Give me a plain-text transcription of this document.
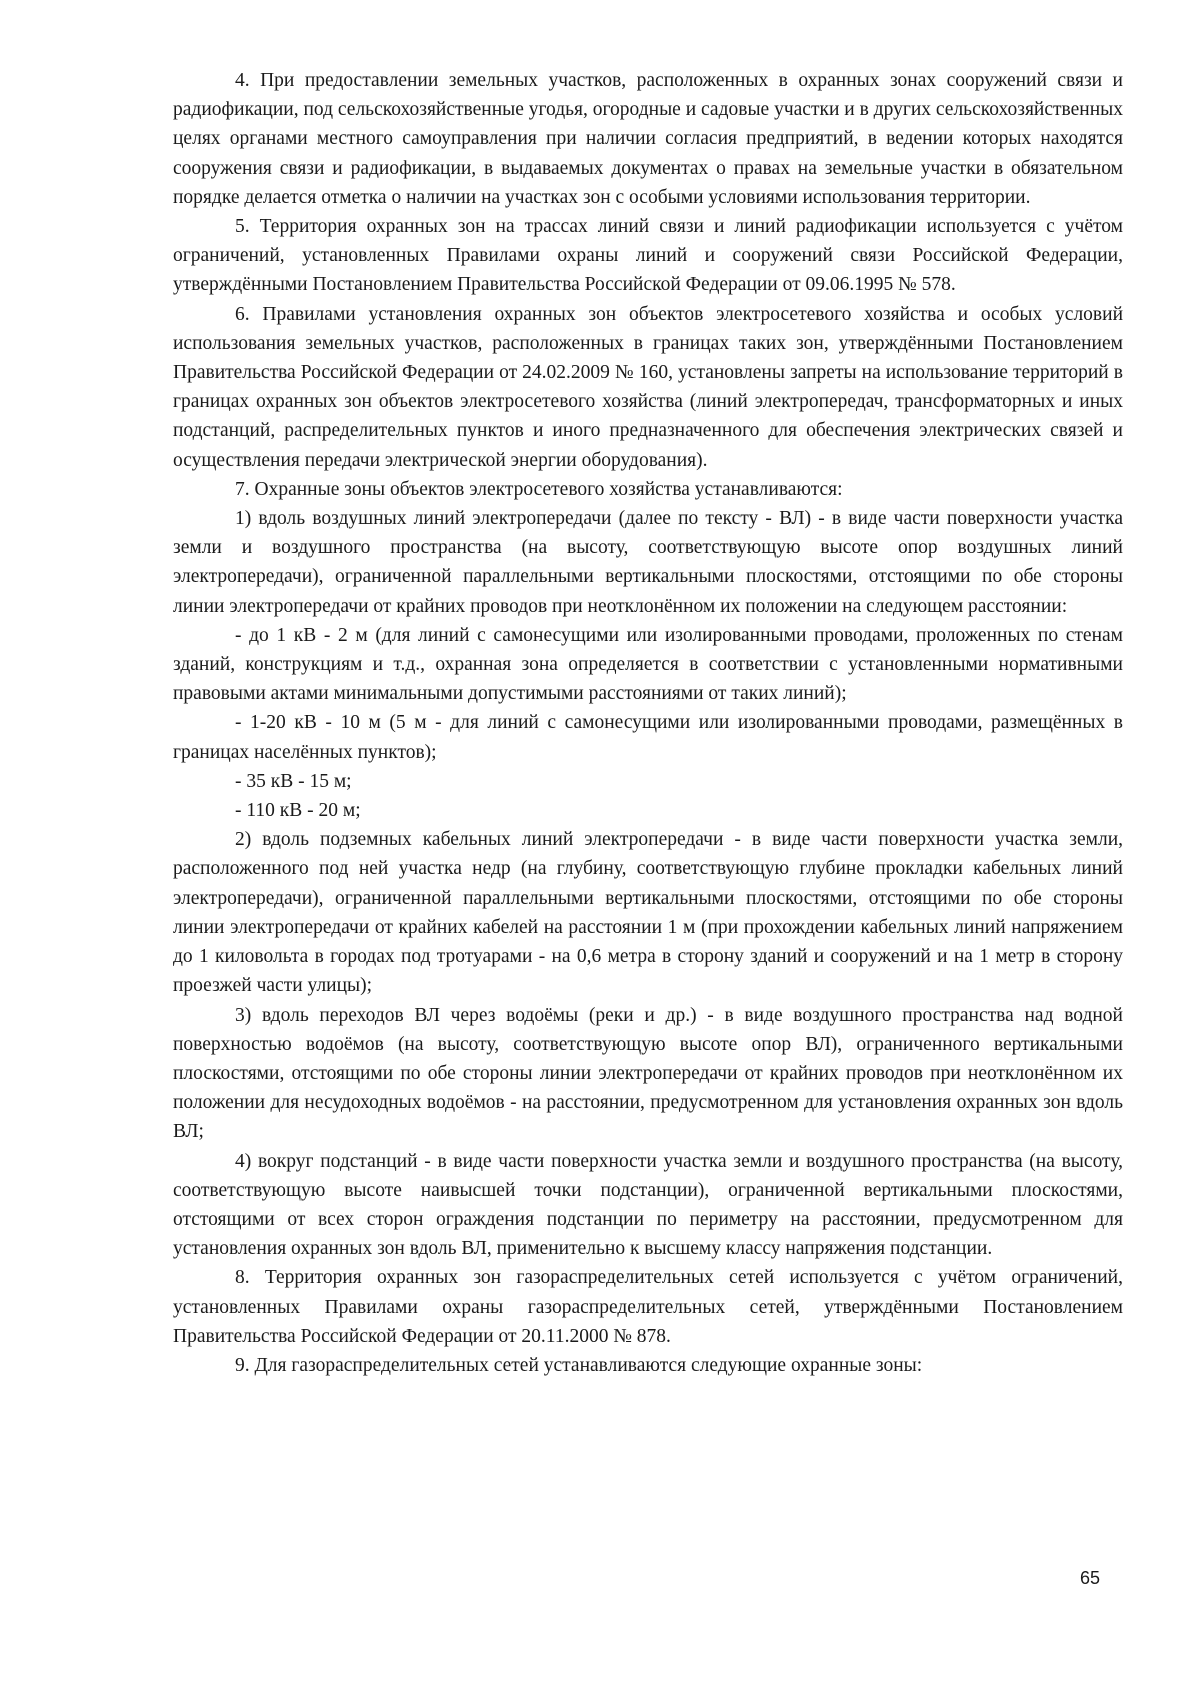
4. При предоставлении земельных участков, расположенных в охранных зонах сооружений связи и радиофикации, под сельскохозяйственные угодья, огородные и садовые участки и в других сельскохозяйственных целях органами местного самоуправления при наличии согласия предприятий, в ведении которых находятся сооружения связи и радиофикации, в выдаваемых документах о правах на земельные участки в обязательном порядке делается отметка о наличии на участках зон с особыми условиями использования территории.

5. Территория охранных зон на трассах линий связи и линий радиофикации используется с учётом ограничений, установленных Правилами охраны линий и сооружений связи Российской Федерации, утверждёнными Постановлением Правительства Российской Федерации от 09.06.1995 № 578.

6. Правилами установления охранных зон объектов электросетевого хозяйства и особых условий использования земельных участков, расположенных в границах таких зон, утверждёнными Постановлением Правительства Российской Федерации от 24.02.2009 № 160, установлены запреты на использование территорий в границах охранных зон объектов электросетевого хозяйства (линий электропередач, трансформаторных и иных подстанций, распределительных пунктов и иного предназначенного для обеспечения электрических связей и осуществления передачи электрической энергии оборудования).

7. Охранные зоны объектов электросетевого хозяйства устанавливаются:

1) вдоль воздушных линий электропередачи (далее по тексту - ВЛ) - в виде части поверхности участка земли и воздушного пространства (на высоту, соответствующую высоте опор воздушных линий электропередачи), ограниченной параллельными вертикальными плоскостями, отстоящими по обе стороны линии электропередачи от крайних проводов при неотклонённом их положении на следующем расстоянии:

- до 1 кВ - 2 м (для линий с самонесущими или изолированными проводами, проложенных по стенам зданий, конструкциям и т.д., охранная зона определяется в соответствии с установленными нормативными правовыми актами минимальными допустимыми расстояниями от таких линий);

- 1-20 кВ - 10 м (5 м - для линий с самонесущими или изолированными проводами, размещённых в границах населённых пунктов);

- 35 кВ - 15 м;

- 110 кВ - 20 м;

2) вдоль подземных кабельных линий электропередачи - в виде части поверхности участка земли, расположенного под ней участка недр (на глубину, соответствующую глубине прокладки кабельных линий электропередачи), ограниченной параллельными вертикальными плоскостями, отстоящими по обе стороны линии электропередачи от крайних кабелей на расстоянии 1 м (при прохождении кабельных линий напряжением до 1 киловольта в городах под тротуарами - на 0,6 метра в сторону зданий и сооружений и на 1 метр в сторону проезжей части улицы);

3) вдоль переходов ВЛ через водоёмы (реки и др.) - в виде воздушного пространства над водной поверхностью водоёмов (на высоту, соответствующую высоте опор ВЛ), ограниченного вертикальными плоскостями, отстоящими по обе стороны линии электропередачи от крайних проводов при неотклонённом их положении для несудоходных водоёмов - на расстоянии, предусмотренном для установления охранных зон вдоль ВЛ;

4) вокруг подстанций - в виде части поверхности участка земли и воздушного пространства (на высоту, соответствующую высоте наивысшей точки подстанции), ограниченной вертикальными плоскостями, отстоящими от всех сторон ограждения подстанции по периметру на расстоянии, предусмотренном для установления охранных зон вдоль ВЛ, применительно к высшему классу напряжения подстанции.

8. Территория охранных зон газораспределительных сетей используется с учётом ограничений, установленных Правилами охраны газораспределительных сетей, утверждёнными Постановлением Правительства Российской Федерации от 20.11.2000 № 878.

9. Для газораспределительных сетей устанавливаются следующие охранные зоны:

65
